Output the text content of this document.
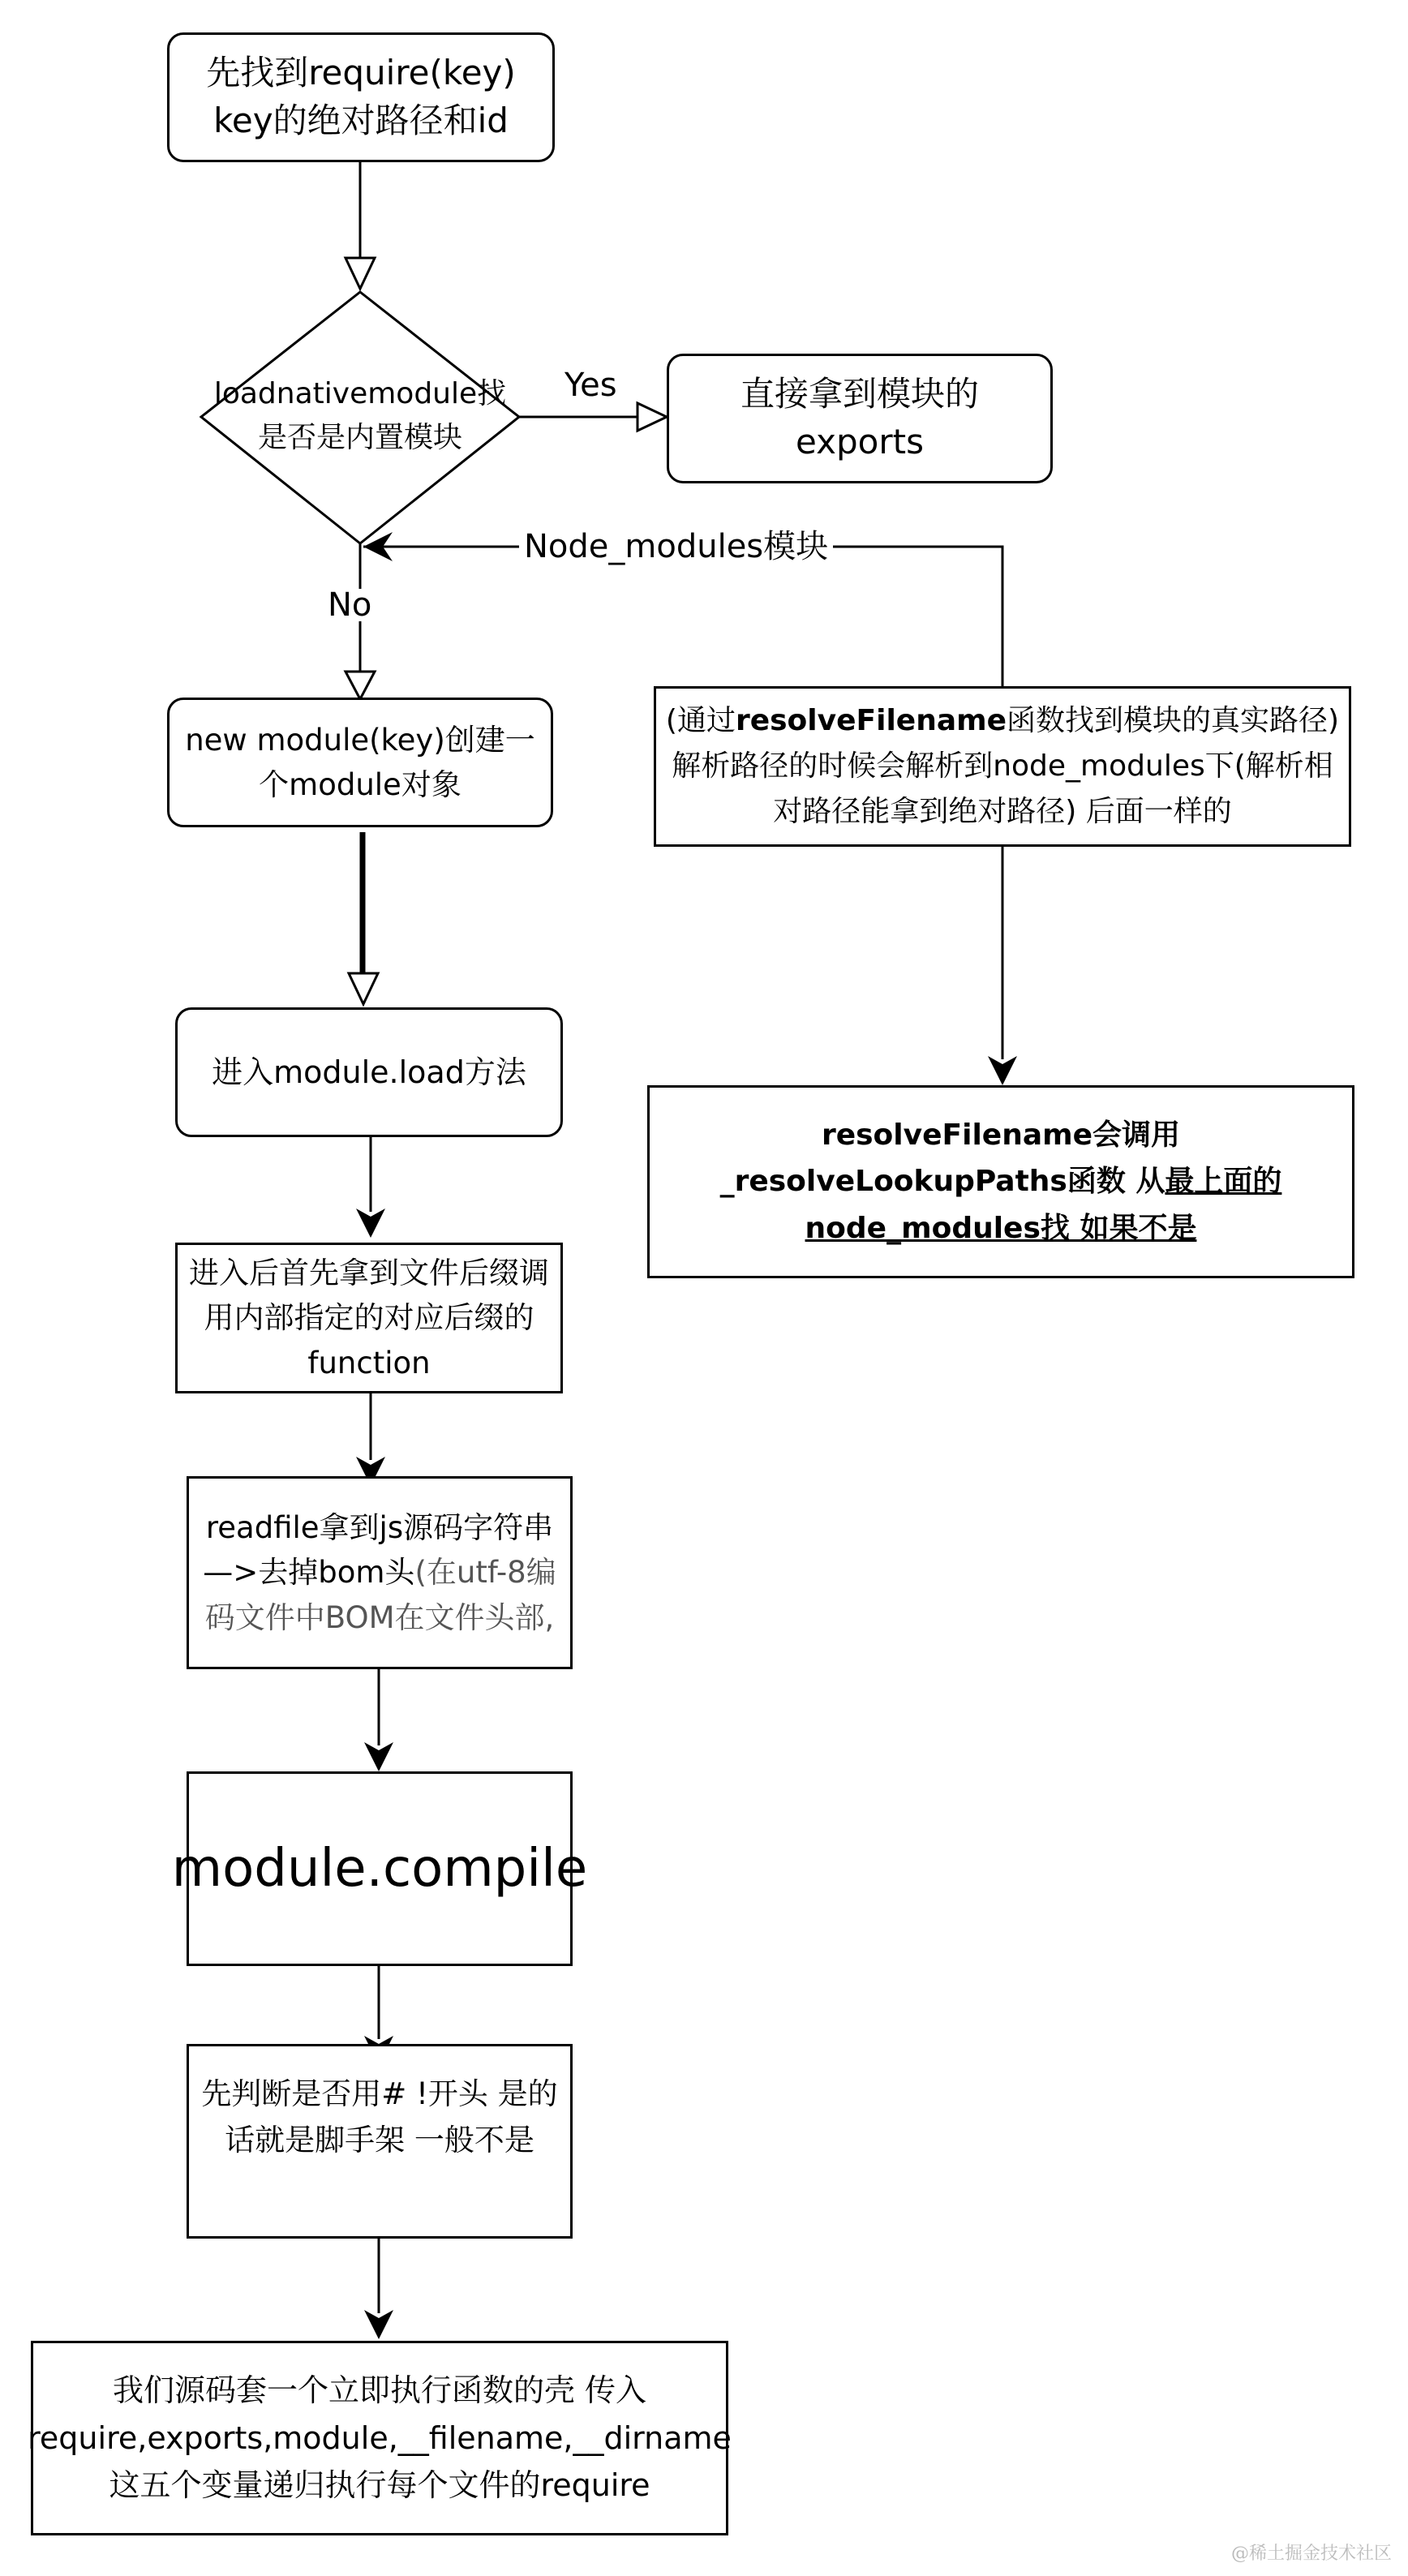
先找到require(key) key的绝对路径和id
loadnativemodule找是否是内置模块
直接拿到模块的exports
Yes
No
Node_modules模块
new module(key)创建一个module对象
(通过resolveFilename函数找到模块的真实路径)解析路径的时候会解析到node_modules下(解析相对路径能拿到绝对路径) 后面一样的
resolveFilename会调用_resolveLookupPaths函数 从最上面的node_modules找 如果不是
进入module.load方法
进入后首先拿到文件后缀调用内部指定的对应后缀的function
readfile拿到js源码字符串—>去掉bom头(在utf-8编码文件中BOM在文件头部,
module.compile
先判断是否用# !开头 是的话就是脚手架 一般不是
我们源码套一个立即执行函数的壳 传入require,exports,module,__filename,__dirname这五个变量递归执行每个文件的require
@稀土掘金技术社区
